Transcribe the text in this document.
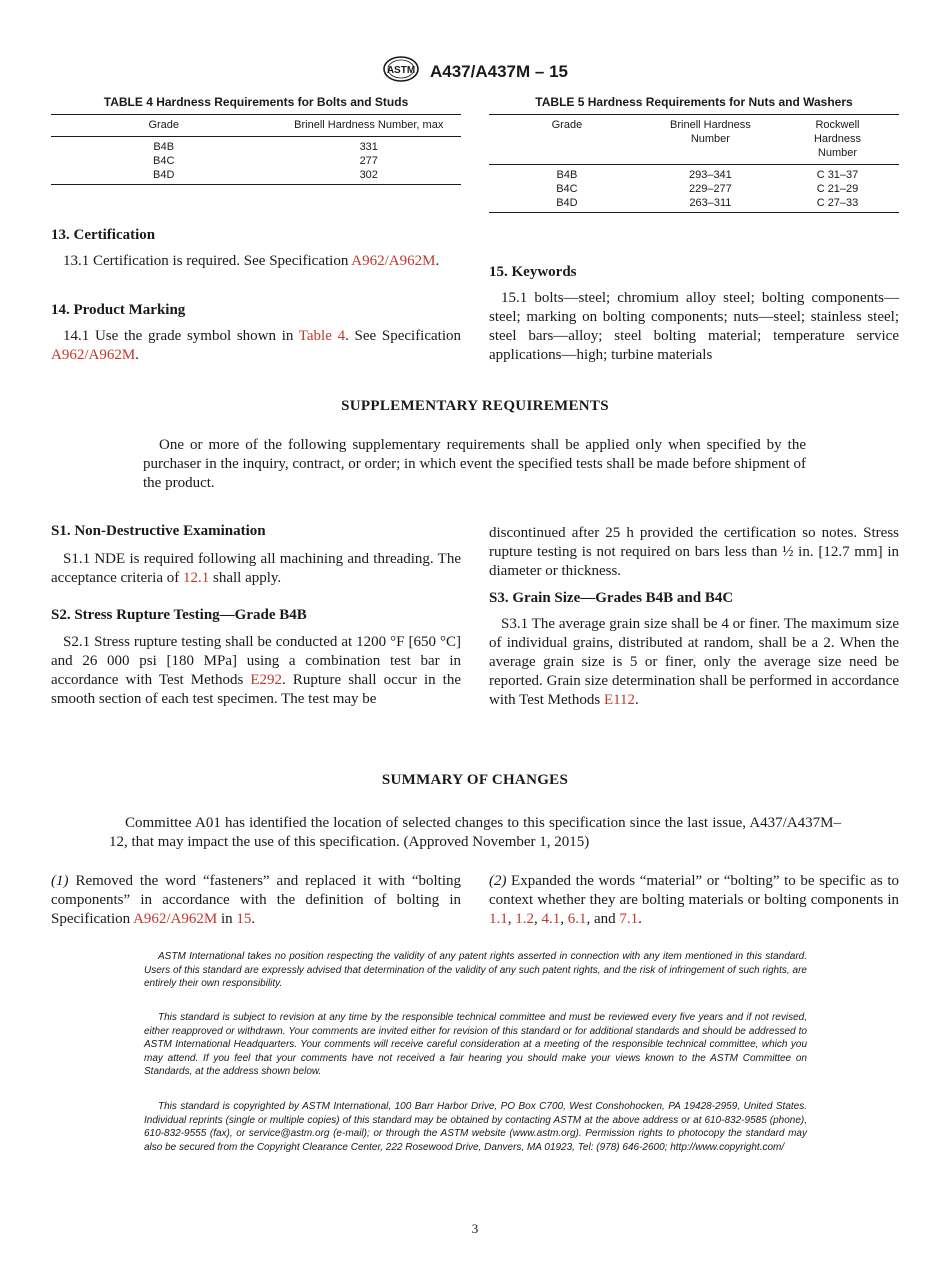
ASTM A437/A437M – 15
TABLE 4 Hardness Requirements for Bolts and Studs
Grade	Brinell Hardness Number, max
B4B	331
B4C	277
B4D	302
TABLE 5 Hardness Requirements for Nuts and Washers
Grade	Brinell Hardness Number	Rockwell Hardness Number
B4B	293–341	C 31–37
B4C	229–277	C 21–29
B4D	263–311	C 27–33
13. Certification

13.1 Certification is required. See Specification A962/A962M.

14. Product Marking

14.1 Use the grade symbol shown in Table 4. See Specification A962/A962M.

15. Keywords

15.1 bolts—steel; chromium alloy steel; bolting components—steel; marking on bolting components; nuts—steel; stainless steel; steel bars—alloy; steel bolting material; temperature service applications—high; turbine materials

SUPPLEMENTARY REQUIREMENTS

One or more of the following supplementary requirements shall be applied only when specified by the purchaser in the inquiry, contract, or order; in which event the specified tests shall be made before shipment of the product.

S1. Non-Destructive Examination

S1.1 NDE is required following all machining and threading. The acceptance criteria of 12.1 shall apply.

S2. Stress Rupture Testing—Grade B4B

S2.1 Stress rupture testing shall be conducted at 1200 °F [650 °C] and 26 000 psi [180 MPa] using a combination test bar in accordance with Test Methods E292. Rupture shall occur in the smooth section of each test specimen. The test may be

discontinued after 25 h provided the certification so notes. Stress rupture testing is not required on bars less than ½ in. [12.7 mm] in diameter or thickness.

S3. Grain Size—Grades B4B and B4C

S3.1 The average grain size shall be 4 or finer. The maximum size of individual grains, distributed at random, shall be a 2. When the average grain size is 5 or finer, only the average size need be reported. Grain size determination shall be performed in accordance with Test Methods E112.

SUMMARY OF CHANGES

Committee A01 has identified the location of selected changes to this specification since the last issue, A437/A437M–12, that may impact the use of this specification. (Approved November 1, 2015)

(1) Removed the word “fasteners” and replaced it with “bolting components” in accordance with the definition of bolting in Specification A962/A962M in 15.

(2) Expanded the words “material” or “bolting” to be specific as to context whether they are bolting materials or bolting components in 1.1, 1.2, 4.1, 6.1, and 7.1.

ASTM International takes no position respecting the validity of any patent rights asserted in connection with any item mentioned in this standard. Users of this standard are expressly advised that determination of the validity of any such patent rights, and the risk of infringement of such rights, are entirely their own responsibility.

This standard is subject to revision at any time by the responsible technical committee and must be reviewed every five years and if not revised, either reapproved or withdrawn. Your comments are invited either for revision of this standard or for additional standards and should be addressed to ASTM International Headquarters. Your comments will receive careful consideration at a meeting of the responsible technical committee, which you may attend. If you feel that your comments have not received a fair hearing you should make your views known to the ASTM Committee on Standards, at the address shown below.

This standard is copyrighted by ASTM International, 100 Barr Harbor Drive, PO Box C700, West Conshohocken, PA 19428-2959, United States. Individual reprints (single or multiple copies) of this standard may be obtained by contacting ASTM at the above address or at 610-832-9585 (phone), 610-832-9555 (fax), or service@astm.org (e-mail); or through the ASTM website (www.astm.org). Permission rights to photocopy the standard may also be secured from the Copyright Clearance Center, 222 Rosewood Drive, Danvers, MA 01923, Tel: (978) 646-2600; http://www.copyright.com/

3
